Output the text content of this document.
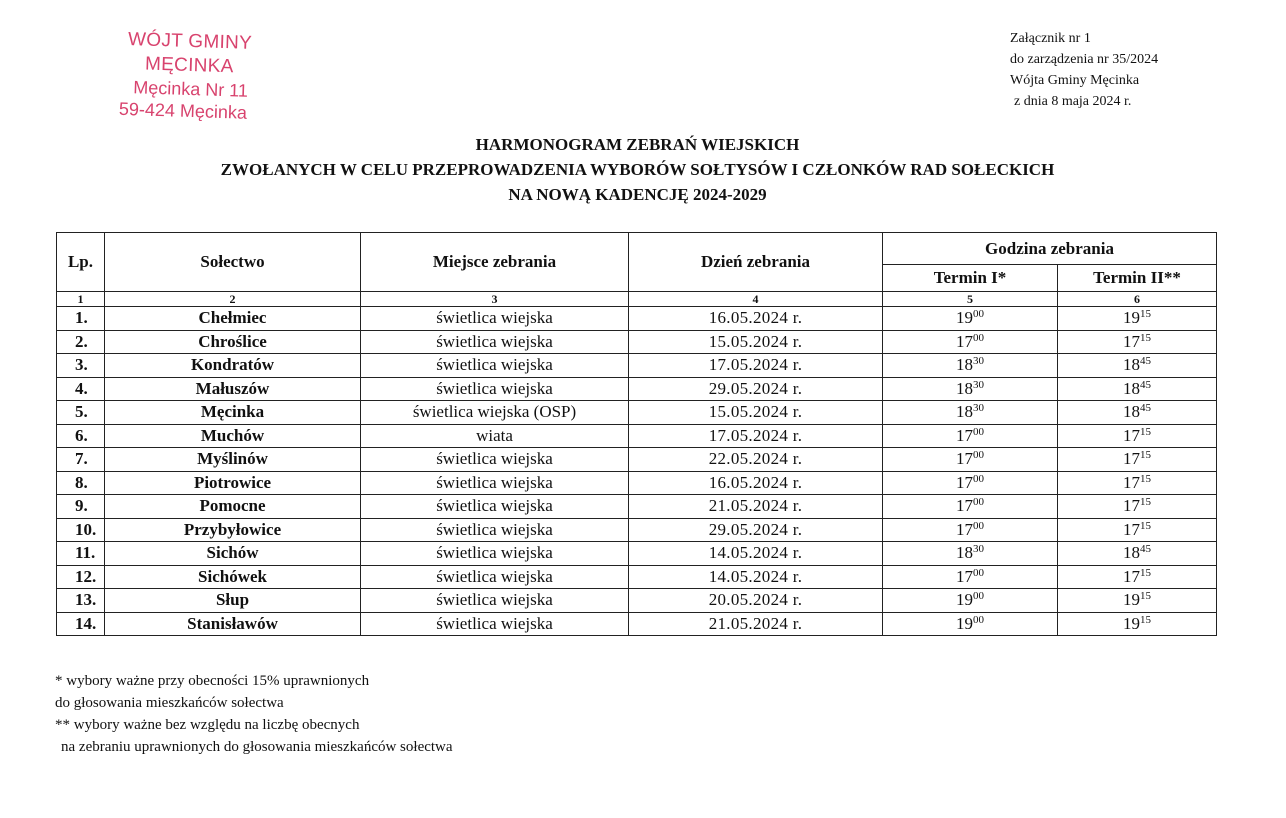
WÓJT GMINY MĘCINKA
Męcinka Nr 11
59-424 Męcinka
Załącznik nr 1
do zarządzenia nr 35/2024
Wójta Gminy Męcinka
z dnia 8 maja 2024 r.
HARMONOGRAM ZEBRAŃ WIEJSKICH
ZWOŁANYCH W CELU PRZEPROWADZENIA WYBORÓW SOŁTYSÓW I CZŁONKÓW RAD SOŁECKICH
NA NOWĄ KADENCJĘ 2024-2029
Lp.	Sołectwo	Miejsce zebrania	Dzień zebrania	Godzina zebrania	
				Termin I*	Termin II**
1	2	3	4	5	6
1.	Chełmiec	świetlica wiejska	16.05.2024 r.	$19^{00}$	$19^{15}$
2.	Chrośliсe	świetlica wiejska	15.05.2024 r.	$17^{00}$	$17^{15}$
3.	Kondratów	świetlica wiejska	17.05.2024 r.	$18^{30}$	$18^{45}$
4.	Małuszów	świetlica wiejska	29.05.2024 r.	$18^{30}$	$18^{45}$
5.	Męcinka	świetlica wiejska (OSP)	15.05.2024 r.	$18^{30}$	$18^{45}$
6.	Muchów	wiata	17.05.2024 r.	$17^{00}$	$17^{15}$
7.	Myślinów	świetlica wiejska	22.05.2024 r.	$17^{00}$	$17^{15}$
8.	Piotrowice	świetlica wiejska	16.05.2024 r.	$17^{00}$	$17^{15}$
9.	Pomocne	świetlica wiejska	21.05.2024 r.	$17^{00}$	$17^{15}$
10.	Przybyłowice	świetlica wiejska	29.05.2024 r.	$17^{00}$	$17^{15}$
11.	Sichów	świetlica wiejska	14.05.2024 r.	$18^{30}$	$18^{45}$
12.	Sichówek	świetlica wiejska	14.05.2024 r.	$17^{00}$	$17^{15}$
13.	Słup	świetlica wiejska	20.05.2024 r.	$19^{00}$	$19^{15}$
14.	Stanisławów	świetlica wiejska	21.05.2024 r.	$19^{00}$	$19^{15}$
* wybory ważne przy obecności 15% uprawnionych
do głosowania mieszkańców sołectwa
** wybory ważne bez względu na liczbę obecnych
na zebraniu uprawnionych do głosowania mieszkańców sołectwa
